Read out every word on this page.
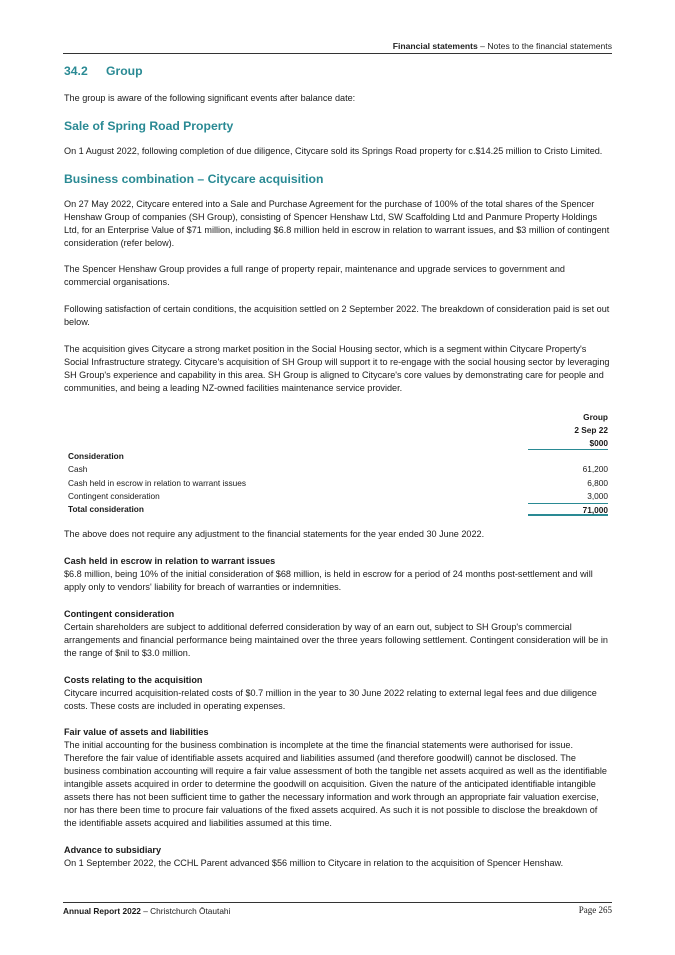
Financial statements – Notes to the financial statements
34.2 Group

The group is aware of the following significant events after balance date:

Sale of Spring Road Property

On 1 August 2022, following completion of due diligence, Citycare sold its Springs Road property for c.$14.25 million to Cristo Limited.

Business combination – Citycare acquisition

On 27 May 2022, Citycare entered into a Sale and Purchase Agreement for the purchase of 100% of the total shares of the Spencer Henshaw Group of companies (SH Group), consisting of Spencer Henshaw Ltd, SW Scaffolding Ltd and Panmure Property Holdings Ltd, for an Enterprise Value of $71 million, including $6.8 million held in escrow in relation to warrant issues, and $3 million of contingent consideration (refer below).

The Spencer Henshaw Group provides a full range of property repair, maintenance and upgrade services to government and commercial organisations.

Following satisfaction of certain conditions, the acquisition settled on 2 September 2022. The breakdown of consideration paid is set out below.

The acquisition gives Citycare a strong market position in the Social Housing sector, which is a segment within Citycare Property's Social Infrastructure strategy. Citycare's acquisition of SH Group will support it to re-engage with the social housing sector by leveraging SH Group's experience and capability in this area. SH Group is aligned to Citycare's core values by demonstrating care for people and communities, and being a leading NZ-owned facilities maintenance service provider.

Group
2 Sep 22
$000
Consideration
Cash	61,200
Cash held in escrow in relation to warrant issues	6,800
Contingent consideration	3,000
Total consideration	71,000

The above does not require any adjustment to the financial statements for the year ended 30 June 2022.

Cash held in escrow in relation to warrant issues

$6.8 million, being 10% of the initial consideration of $68 million, is held in escrow for a period of 24 months post-settlement and will apply only to vendors' liability for breach of warranties or indemnities.

Contingent consideration

Certain shareholders are subject to additional deferred consideration by way of an earn out, subject to SH Group's commercial arrangements and financial performance being maintained over the three years following settlement. Contingent consideration will be in the range of $nil to $3.0 million.

Costs relating to the acquisition

Citycare incurred acquisition-related costs of $0.7 million in the year to 30 June 2022 relating to external legal fees and due diligence costs. These costs are included in operating expenses.

Fair value of assets and liabilities

The initial accounting for the business combination is incomplete at the time the financial statements were authorised for issue. Therefore the fair value of identifiable assets acquired and liabilities assumed (and therefore goodwill) cannot be disclosed. The business combination accounting will require a fair value assessment of both the tangible net assets acquired as well as the identifiable intangible assets acquired in order to determine the goodwill on acquisition. Given the nature of the anticipated identifiable intangible assets there has not been sufficient time to gather the necessary information and work through an appropriate fair valuation exercise, nor has there been time to procure fair valuations of the fixed assets acquired. As such it is not possible to disclose the breakdown of the identifiable assets acquired and liabilities assumed at this time.

Advance to subsidiary

On 1 September 2022, the CCHL Parent advanced $56 million to Citycare in relation to the acquisition of Spencer Henshaw.

Annual Report 2022 – Christchurch Ōtautahi	Page 265
